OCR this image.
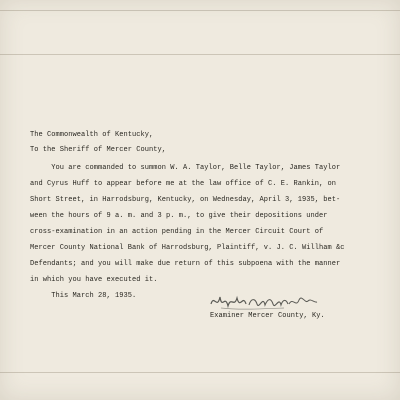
The Commonwealth of Kentucky,
To the Sheriff of Mercer County,
You are commanded to summon W. A. Taylor, Belle Taylor, James Taylor
and Cyrus Huff to appear before me at the law office of C. E. Rankin, on
Short Street, in Harrodsburg, Kentucky, on Wednesday, April 3, 1935, bet-
ween the hours of 9 a. m. and 3 p. m., to give their depositions under
cross-examination in an action pending in the Mercer Circuit Court of
Mercer County National Bank of Harrodsburg, Plaintiff, v. J. C. Willham &c
Defendants; and you will make due return of this subpoena with the manner
in which you have executed it.
This March 28, 1935.
Examiner Mercer County, Ky.
